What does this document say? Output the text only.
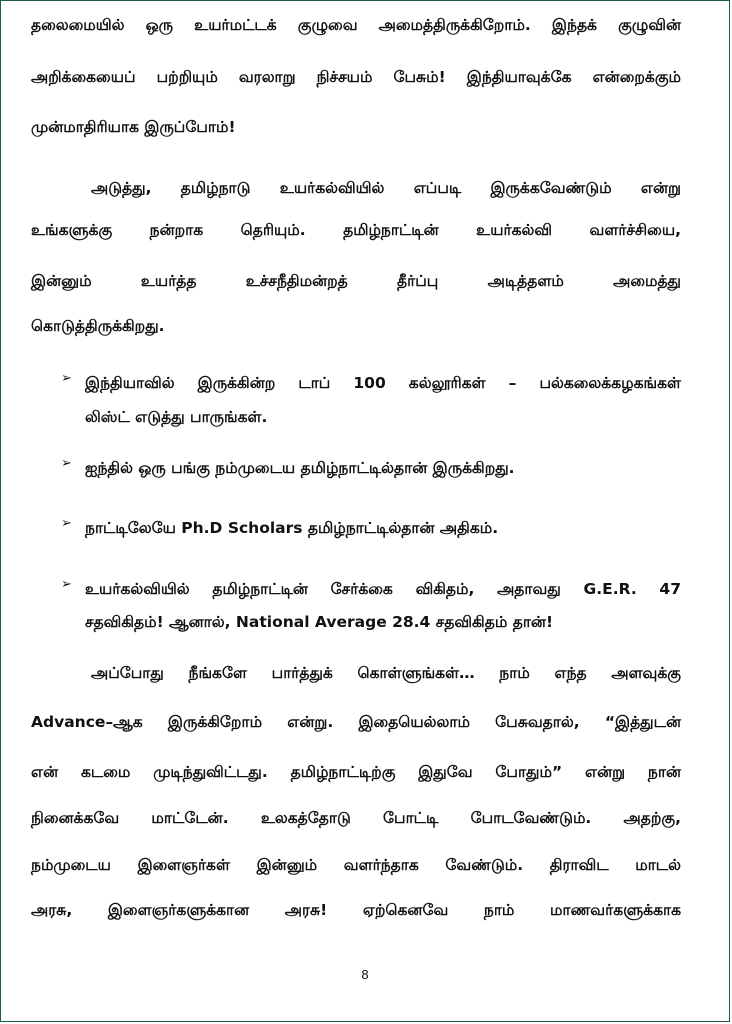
தலைமையில் ஒரு உயர்மட்டக் குழுவை அமைத்திருக்கிறோம். இந்தக் குழுவின்
அறிக்கையைப் பற்றியும் வரலாறு நிச்சயம் பேசும்! இந்தியாவுக்கே என்றைக்கும்
முன்மாதிரியாக இருப்போம்!
அடுத்து, தமிழ்நாடு உயர்கல்வியில் எப்படி இருக்கவேண்டும் என்று
உங்களுக்கு நன்றாக தெரியும். தமிழ்நாட்டின் உயர்கல்வி வளர்ச்சியை,
இன்னும் உயர்த்த உச்சநீதிமன்றத் தீர்ப்பு அடித்தளம் அமைத்து
கொடுத்திருக்கிறது.
➢ இந்தியாவில் இருக்கின்ற டாப் 100 கல்லூரிகள் – பல்கலைக்கழகங்கள்
லிஸ்ட் எடுத்து பாருங்கள்.
➢ ஐந்தில் ஒரு பங்கு நம்முடைய தமிழ்நாட்டில்தான் இருக்கிறது.
➢ நாட்டிலேயே Ph.D Scholars தமிழ்நாட்டில்தான் அதிகம்.
➢ உயர்கல்வியில் தமிழ்நாட்டின் சேர்க்கை விகிதம், அதாவது G.E.R. 47
சதவிகிதம்! ஆனால், National Average 28.4 சதவிகிதம் தான்!
அப்போது நீங்களே பார்த்துக் கொள்ளுங்கள்… நாம் எந்த அளவுக்கு
Advance–ஆக இருக்கிறோம் என்று. இதையெல்லாம் பேசுவதால், “இத்துடன்
என் கடமை முடிந்துவிட்டது. தமிழ்நாட்டிற்கு இதுவே போதும்” என்று நான்
நினைக்கவே மாட்டேன். உலகத்தோடு போட்டி போடவேண்டும். அதற்கு,
நம்முடைய இளைஞர்கள் இன்னும் வளர்ந்தாக வேண்டும். திராவிட மாடல்
அரசு, இளைஞர்களுக்கான அரசு! ஏற்கெனவே நாம் மாணவர்களுக்காக
8
